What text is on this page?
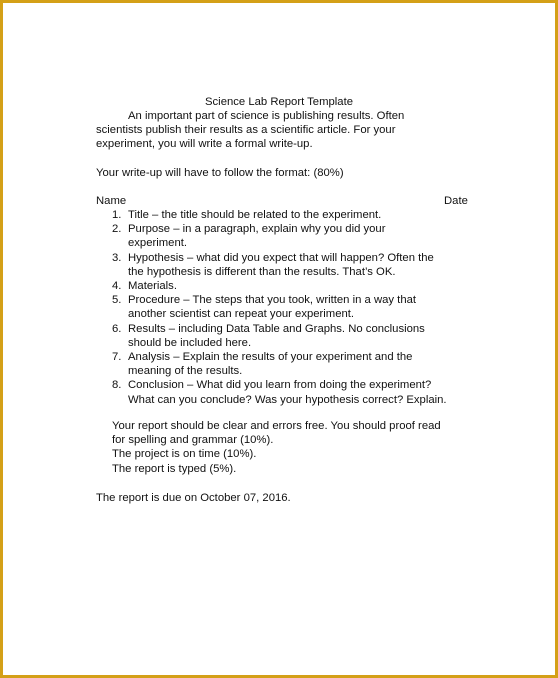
Science Lab Report Template
An important part of science is publishing results. Often
scientists publish their results as a scientific article. For your
experiment, you will write a formal write-up.
Your write-up will have to follow the format: (80%)
Name	Date
1. Title – the title should be related to the experiment.
2. Purpose – in a paragraph, explain why you did your
experiment.
3. Hypothesis – what did you expect that will happen? Often the
the hypothesis is different than the results. That’s OK.
4. Materials.
5. Procedure – The steps that you took, written in a way that
another scientist can repeat your experiment.
6. Results – including Data Table and Graphs. No conclusions
should be included here.
7. Analysis – Explain the results of your experiment and the
meaning of the results.
8. Conclusion – What did you learn from doing the experiment?
What can you conclude? Was your hypothesis correct? Explain.
Your report should be clear and errors free. You should proof read
for spelling and grammar (10%).
The project is on time (10%).
The report is typed (5%).
The report is due on October 07, 2016.
